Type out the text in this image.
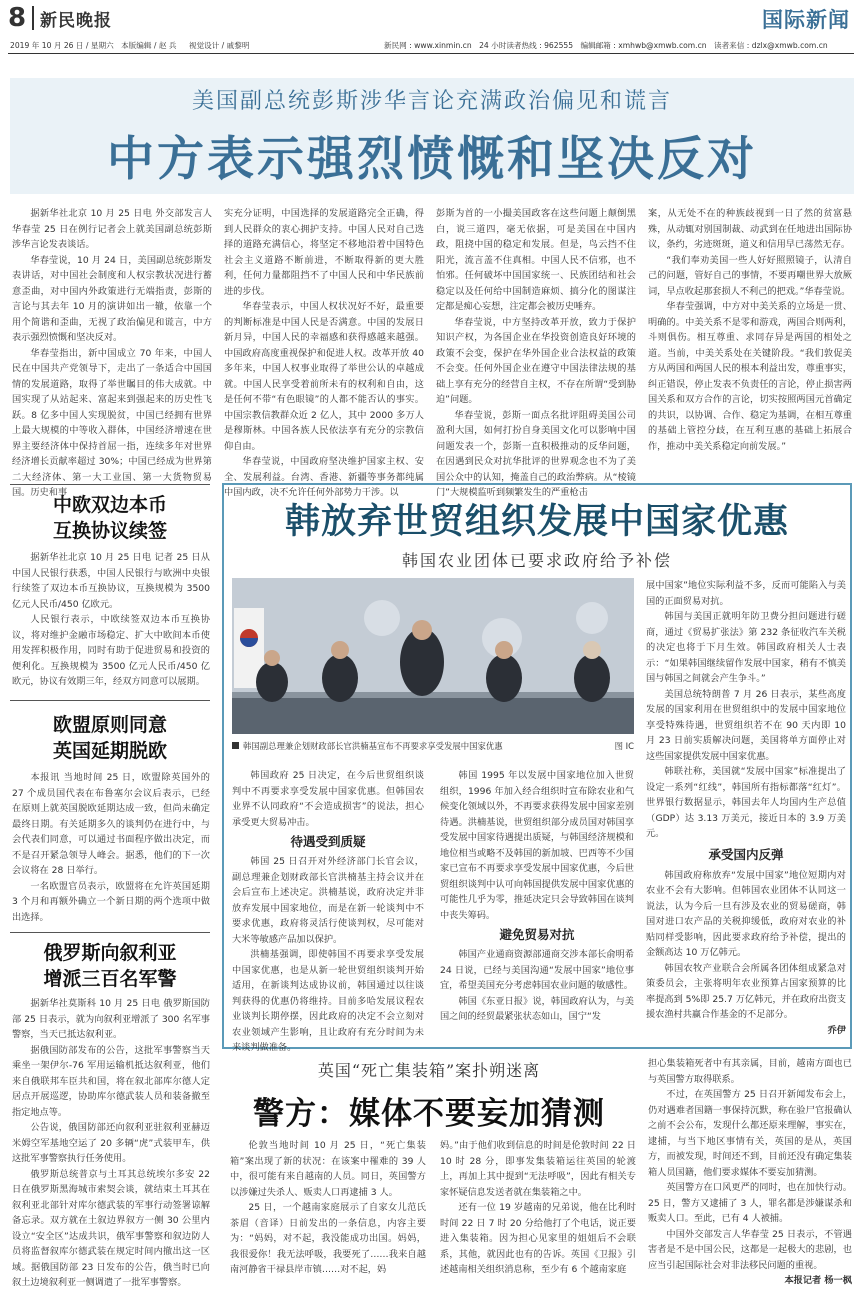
8 新民晚报	国际新闻
2019 年 10 月 26 日 / 星期六 本版编辑 / 赵 兵 视觉设计 / 戚黎明	新民网 : www.xinmin.cn 24 小时读者热线 : 962555 编辑邮箱 : xmhwb@xmwb.com.cn 读者来信 : dzlx@xmwb.com.cn
美国副总统彭斯涉华言论充满政治偏见和谎言
中方表示强烈愤慨和坚决反对

据新华社北京 10 月 25 日电 外交部发言人华春莹 25 日在例行记者会上就美国副总统彭斯涉华言论发表谈话。

华春莹说，10 月 24 日，美国副总统彭斯发表讲话，对中国社会制度和人权宗教状况进行蓄意歪曲，对中国内外政策进行无端指责，彭斯的言论与其去年 10 月的演讲如出一辙，依靠一个用个简谐和歪曲，无视了政治偏见和谎言，中方表示强烈愤慨和坚决反对。

华春莹指出，新中国成立 70 年来，中国人民在中国共产党领导下，走出了一条适合中国国情的发展道路，取得了举世瞩目的伟大成就。中国实现了从站起来、富起来到强起来的历史性飞跃。8 亿多中国人实现脱贫，中国已经拥有世界上最大规模的中等收入群体，中国经济增速在世界主要经济体中保持首屈一指，连续多年对世界经济增长贡献率超过 30%；中国已经成为世界第二大经济体、第一大工业国、第一大货物贸易国。历史和事

实充分证明，中国选择的发展道路完全正确，得到人民群众的衷心拥护支持。中国人民对自己选择的道路充满信心，将坚定不移地沿着中国特色社会主义道路不断前进，不断取得新的更大胜利，任何力量都阻挡不了中国人民和中华民族前进的步伐。

华春莹表示，中国人权状况好不好，最重要的判断标准是中国人民是否满意。中国的发展日新月异，中国人民的幸福感和获得感越来越强。中国政府高度重视保护和促进人权。改革开放 40 多年来，中国人权事业取得了举世公认的卓越成就。中国人民享受着前所未有的权利和自由，这是任何不带“有色眼镜”的人都不能否认的事实。中国宗教信教群众近 2 亿人，其中 2000 多万人是穆斯林。中国各族人民依法享有充分的宗教信仰自由。

华春莹说，中国政府坚决维护国家主权、安全、发展利益。台湾、香港、新疆等事务都纯属中国内政，决不允许任何外部势力干涉。以

彭斯为首的一小撮美国政客在这些问题上颠倒黑白，说三道四，毫无依据，可是美国在中国内政，阻挠中国的稳定和发展。但是，鸟云挡不住阳光，流言盖不住真相。中国人民不信邪，也不怕邪。任何破坏中国国家统一、民族团结和社会稳定以及任何给中国制造麻烦、搞分化的图谋注定都是痴心妄想，注定都会被历史唾弃。

华春莹说，中方坚持改革开放，致力于保护知识产权，为各国企业在华投资创造良好环境的政策不会变，保护在华外国企业合法权益的政策不会变。任何外国企业在遵守中国法律法规的基础上享有充分的经营自主权，不存在所谓“受到胁迫”问题。

华春莹说，彭斯一面点名批评阻碍美国公司盈利大国，如何打扮自身美国文化可以影响中国问题发表一个，彭斯一直积极推动的反华问题，在因遇到民众对抗华批评的世界观念也不为了美国公众中的认知，掩盖自己的政治弊病。从“棱镜门”大规模监听到频繁发生的严重枪击

案，从无处不在的种族歧视到一日了然的贫富悬殊，从动辄对别国制裁、动武到在任地进出国际协议，条约，劣迹斑斑，道义和信用早已荡然无存。

“我们奉劝美国一些人好好照照镜子，认清自己的问题，管好自己的事情，不要再嘲世界大放厥词，早点收起那套损人不利己的把戏。”华春莹说。

华春莹强调，中方对中美关系的立场是一贯、明确的。中美关系不是零和游戏，两国合则两利，斗则俱伤。相互尊重、求同存异是两国的相处之道。当前，中美关系处在关键阶段。“我们敦促美方从两国和两国人民的根本利益出发，尊重事实，纠正错误，停止发表不负责任的言论，停止损害两国关系和双方合作的言论，切实按照两国元首确定的共识，以协调、合作、稳定为基调，在相互尊重的基础上管控分歧，在互利互惠的基础上拓展合作，推动中美关系稳定向前发展。”

中欧双边本币
互换协议续签

据新华社北京 10 月 25 日电 记者 25 日从中国人民银行获悉，中国人民银行与欧洲中央银行续签了双边本币互换协议，互换规模为 3500 亿元人民币/450 亿欧元。

人民银行表示，中欧续签双边本币互换协议，将对维护金融市场稳定、扩大中欧间本币使用发挥积极作用，同时有助于促进贸易和投资的便利化。互换规模为 3500 亿元人民币/450 亿欧元，协议有效期三年，经双方同意可以展期。

欧盟原则同意
英国延期脱欧

本报讯 当地时间 25 日，欧盟除英国外的 27 个成员国代表在布鲁塞尔会议后表示，已经在原则上就英国脱欧延期达成一致，但尚未确定最终日期。有关延期多久的谈判仍在进行中，与会代表们同意，可以通过书面程序做出决定，而不是召开紧急领导人峰会。据悉，他们的下一次会议将在 28 日举行。

一名欧盟官员表示，欧盟将在允许英国延期 3 个月和再额外确立一个新日期的两个选项中做出选择。

俄罗斯向叙利亚
增派三百名军警

据新华社莫斯科 10 月 25 日电 俄罗斯国防部 25 日表示，就为向叙利亚增派了 300 名军事警察，当天已抵达叙利亚。

据俄国防部发布的公告，这批军事警察当天乘坐一架伊尔-76 军用运输机抵达叙利亚，他们来自俄联邦车臣共和国，将在叙北部库尔德人定居点开展巡逻，协助库尔德武装人员和装备撤至指定地点等。

公告说，俄国防部还向叙利亚驻叙利亚赫迈米姆空军基地空运了 20 多辆“虎”式装甲车，供这批军事警察执行任务使用。

俄罗斯总统普京与土耳其总统埃尔多安 22 日在俄罗斯黑海城市索契会谈，就结束土耳其在叙利亚北部针对库尔德武装的军事行动签署谅解备忘录。双方就在土叙边界叙方一侧 30 公里内设立“安全区”达成共识，俄军事警察和叙边防人员将监督叙库尔德武装在规定时间内撤出这一区域。据俄国防部 23 日发布的公告，俄当时已向叙土边境叙利亚一侧调遣了一批军事警察。

韩放弃世贸组织发展中国家优惠
韩国农业团体已要求政府给予补偿
韩国副总理兼企划财政部长官洪楠基宣布不再要求享受发展中国家优惠	图 IC

韩国政府 25 日决定，在今后世贸组织谈判中不再要求享受发展中国家优惠。但韩国农业界不认同政府“不会造成损害”的说法，担心承受更大贸易冲击。

待遇受到质疑

韩国 25 日召开对外经济部门长官会议，副总理兼企划财政部长官洪楠基主持会议并在会后宣布上述决定。洪楠基说，政府决定并非放弃发展中国家地位，而是在新一轮谈判中不要求优惠，政府将灵活行使谈判权，尽可能对大米等敏感产品加以保护。

洪楠基强调，即使韩国不再要求享受发展中国家优惠，也是从新一轮世贸组织谈判开始适用，在新谈判达成协议前，韩国通过以往谈判获得的优惠仍将维持。目前多哈发展议程农业谈判长期停摆，因此政府的决定不会立刻对农业领域产生影响，且让政府有充分时间为未来谈判做准备。

韩国 1995 年以发展中国家地位加入世贸组织，1996 年加入经合组织时宣布除农业和气候变化领域以外，不再要求获得发展中国家差别待遇。洪楠基说，世贸组织部分成员国对韩国享受发展中国家待遇提出质疑，与韩国经济规模和地位相当或略不及韩国的新加坡、巴西等不少国家已宣布不再要求享受发展中国家优惠，今后世贸组织谈判中认可向韩国提供发展中国家优惠的可能性几乎为零，推延决定只会导致韩国在谈判中丧失筹码。

避免贸易对抗

韩国产业通商资源部通商交涉本部长俞明希 24 日说，已经与美国沟通“发展中国家”地位事宜，希望美国充分考虑韩国农业问题的敏感性。

韩国《东亚日报》说，韩国政府认为，与美国之间的经贸最紧张状态如山，国宁“发

展中国家”地位实际利益不多，反而可能陷入与美国的正面贸易对抗。

韩国与美国正就明年防卫费分担问题进行磋商，通过《贸易扩张法》第 232 条征收汽车关税的决定也将于下月生效。韩国政府相关人士表示：“如果韩国继续留作发展中国家，稍有不慎美国与韩国之间就会产生争斗。”

美国总统特朗普 7 月 26 日表示，某些高度发展的国家利用在世贸组织中的发展中国家地位享受特殊待遇，世贸组织若不在 90 天内即 10 月 23 日前实质解决问题，美国将单方面停止对这些国家提供发展中国家优惠。

韩联社称，美国就“发展中国家”标准提出了设定一系列“红线”，韩国所有指标都落“红灯”。世界银行数据显示，韩国去年人均国内生产总值（GDP）达 3.13 万美元，接近日本的 3.9 万美元。

承受国内反弹

韩国政府称放弃“发展中国家”地位短期内对农业不会有大影响。但韩国农业团体不认同这一说法，认为今后一旦有涉及农业的贸易磋商，韩国对进口农产品的关税抑缓低，政府对农业的补贴同样受影响，因此要求政府给予补偿，提出的金额高达 10 万亿韩元。

韩国农牧产业联合会所属各团体组成紧急对策委员会，主张将明年农业预算占国家预算的比率提高到 5%即 25.7 万亿韩元，并在政府出资支援农渔村共赢合作基金的不足部分。

乔伊
英国“死亡集装箱”案扑朔迷离
警方：媒体不要妄加猜测

伦敦当地时间 10 月 25 日，“死亡集装箱”案出现了新的状况：在该案中罹难的 39 人中，很可能有来自越南的人员。同日，英国警方以涉嫌过失杀人、贩卖人口再逮捕 3 人。

25 日，一个越南家庭展示了自家女儿范氏茶眉（音译）日前发出的一条信息，内容主要为：“妈妈，对不起，我没能成功出国。妈妈，我很爱你！我无法呼吸，我要死了……我来自越南河静省干禄县岸市镇……对不起，妈

妈。”由于他们收到信息的时间是伦敦时间 22 日 10 时 28 分，即事发集装箱运往英国的轮渡上，再加上其中提到“无法呼吸”，因此有相关专家怀疑信息发送者就在集装箱之中。

还有一位 19 岁越南的兄弟说，他在比利时时间 22 日 7 时 20 分给他打了个电话，说正要进入集装箱。因为担心见家里的姐姐后不会联系，其他，就因此也有的告诉。英国《卫报》引述越南相关组织消息称，至少有 6 个越南家庭

担心集装箱死者中有其亲属，目前，越南方面也已与英国警方取得联系。

不过，在英国警方 25 日召开新闻发布会上，仍对遇难者国籍一事保持沉默，称在验尸官报确认之前不会公布，发现什么都还原来理解，事实在，逮捕，与当下地区事情有关，英国的是从，英国方，而被发现，时间还不到，目前还没有确定集装箱人员国籍，他们要求媒体不要妄加猜测。

英国警方在口风更严的同时，也在加快行动。25 日，警方又逮捕了 3 人，罪名都是涉嫌谋杀和贩卖人口。至此，已有 4 人被捕。

中国外交部发言人华春莹 25 日表示，不管遇害者是不是中国公民，这都是一起极大的悲剧，也应当引起国际社会对非法移民问题的重视。

本报记者 杨一枫
